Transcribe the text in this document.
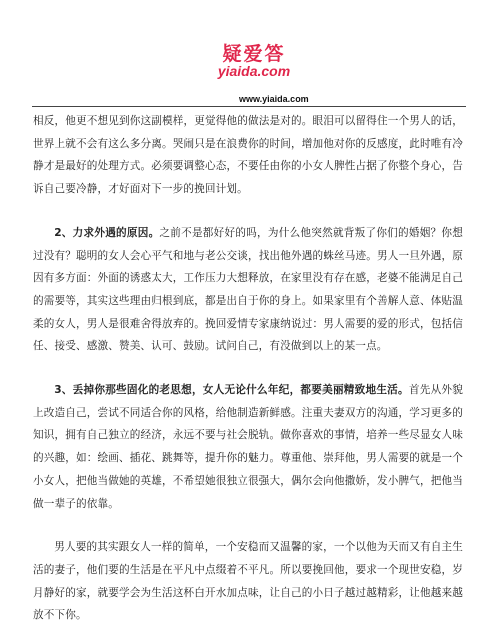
疑爱答
yiaida.com
www.yiaida.com

相反，他更不想见到你这副模样，更觉得他的做法是对的。眼泪可以留得住一个男人的话，世界上就不会有这么多分离。哭闹只是在浪费你的时间，增加他对你的反感度，此时唯有冷静才是最好的处理方式。必须要调整心态，不要任由你的小女人脾性占据了你整个身心，告诉自己要冷静，才好面对下一步的挽回计划。

2、力求外遇的原因。之前不是都好好的吗，为什么他突然就背叛了你们的婚姻？你想过没有？聪明的女人会心平气和地与老公交谈，找出他外遇的蛛丝马迹。男人一旦外遇，原因有多方面：外面的诱惑太大，工作压力大想释放，在家里没有存在感，老婆不能满足自己的需要等，其实这些理由归根到底，都是出自于你的身上。如果家里有个善解人意、体贴温柔的女人，男人是很难舍得放弃的。挽回爱情专家康纳说过：男人需要的爱的形式，包括信任、接受、感激、赞美、认可、鼓励。试问自己，有没做到以上的某一点。

3、丢掉你那些固化的老思想，女人无论什么年纪，都要美丽精致地生活。首先从外貌上改造自己，尝试不同适合你的风格，给他制造新鲜感。注重夫妻双方的沟通，学习更多的知识，拥有自己独立的经济，永远不要与社会脱轨。做你喜欢的事情，培养一些尽显女人味的兴趣，如：绘画、插花、跳舞等，提升你的魅力。尊重他、崇拜他，男人需要的就是一个小女人，把他当做她的英雄，不希望她很独立很强大，偶尔会向他撒娇，发小脾气，把他当做一辈子的依靠。

男人要的其实跟女人一样的简单，一个安稳而又温馨的家，一个以他为天而又有自主生活的妻子，他们要的生活是在平凡中点缀着不平凡。所以要挽回他，要求一个现世安稳，岁月静好的家，就要学会为生活这杯白开水加点味，让自己的小日子越过越精彩，让他越来越放不下你。
